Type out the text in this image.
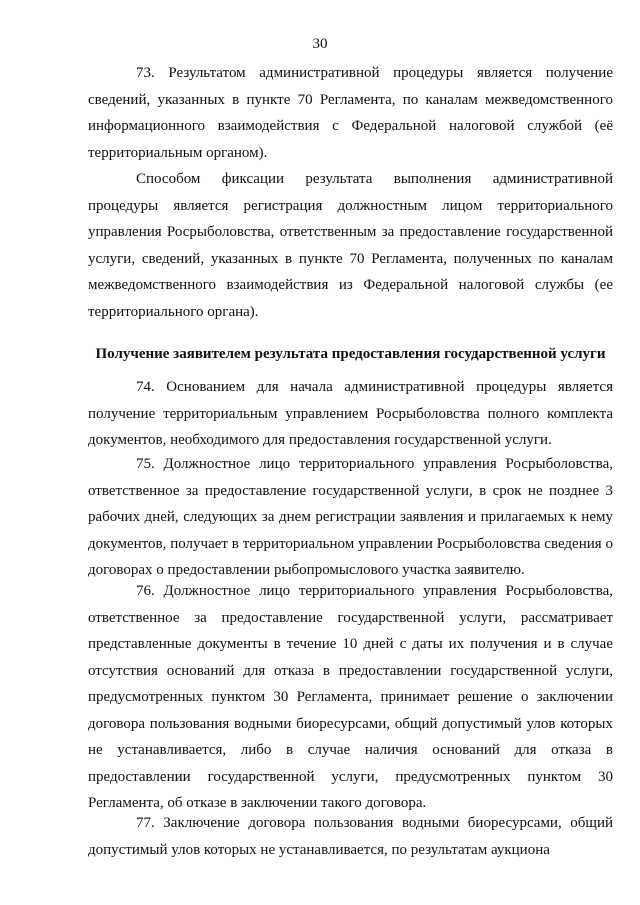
30

73. Результатом административной процедуры является получение сведений, указанных в пункте 70 Регламента, по каналам межведомственного информационного взаимодействия с Федеральной налоговой службой (её территориальным органом).

Способом фиксации результата выполнения административной процедуры является регистрация должностным лицом территориального управления Росрыболовства, ответственным за предоставление государственной услуги, сведений, указанных в пункте 70 Регламента, полученных по каналам межведомственного взаимодействия из Федеральной налоговой службы (ее территориального органа).

Получение заявителем результата предоставления государственной услуги

74. Основанием для начала административной процедуры является получение территориальным управлением Росрыболовства полного комплекта документов, необходимого для предоставления государственной услуги.

75. Должностное лицо территориального управления Росрыболовства, ответственное за предоставление государственной услуги, в срок не позднее 3 рабочих дней, следующих за днем регистрации заявления и прилагаемых к нему документов, получает в территориальном управлении Росрыболовства сведения о договорах о предоставлении рыбопромыслового участка заявителю.

76. Должностное лицо территориального управления Росрыболовства, ответственное за предоставление государственной услуги, рассматривает представленные документы в течение 10 дней с даты их получения и в случае отсутствия оснований для отказа в предоставлении государственной услуги, предусмотренных пунктом 30 Регламента, принимает решение о заключении договора пользования водными биоресурсами, общий допустимый улов которых не устанавливается, либо в случае наличия оснований для отказа в предоставлении государственной услуги, предусмотренных пунктом 30 Регламента, об отказе в заключении такого договора.

77. Заключение договора пользования водными биоресурсами, общий допустимый улов которых не устанавливается, по результатам аукциона
